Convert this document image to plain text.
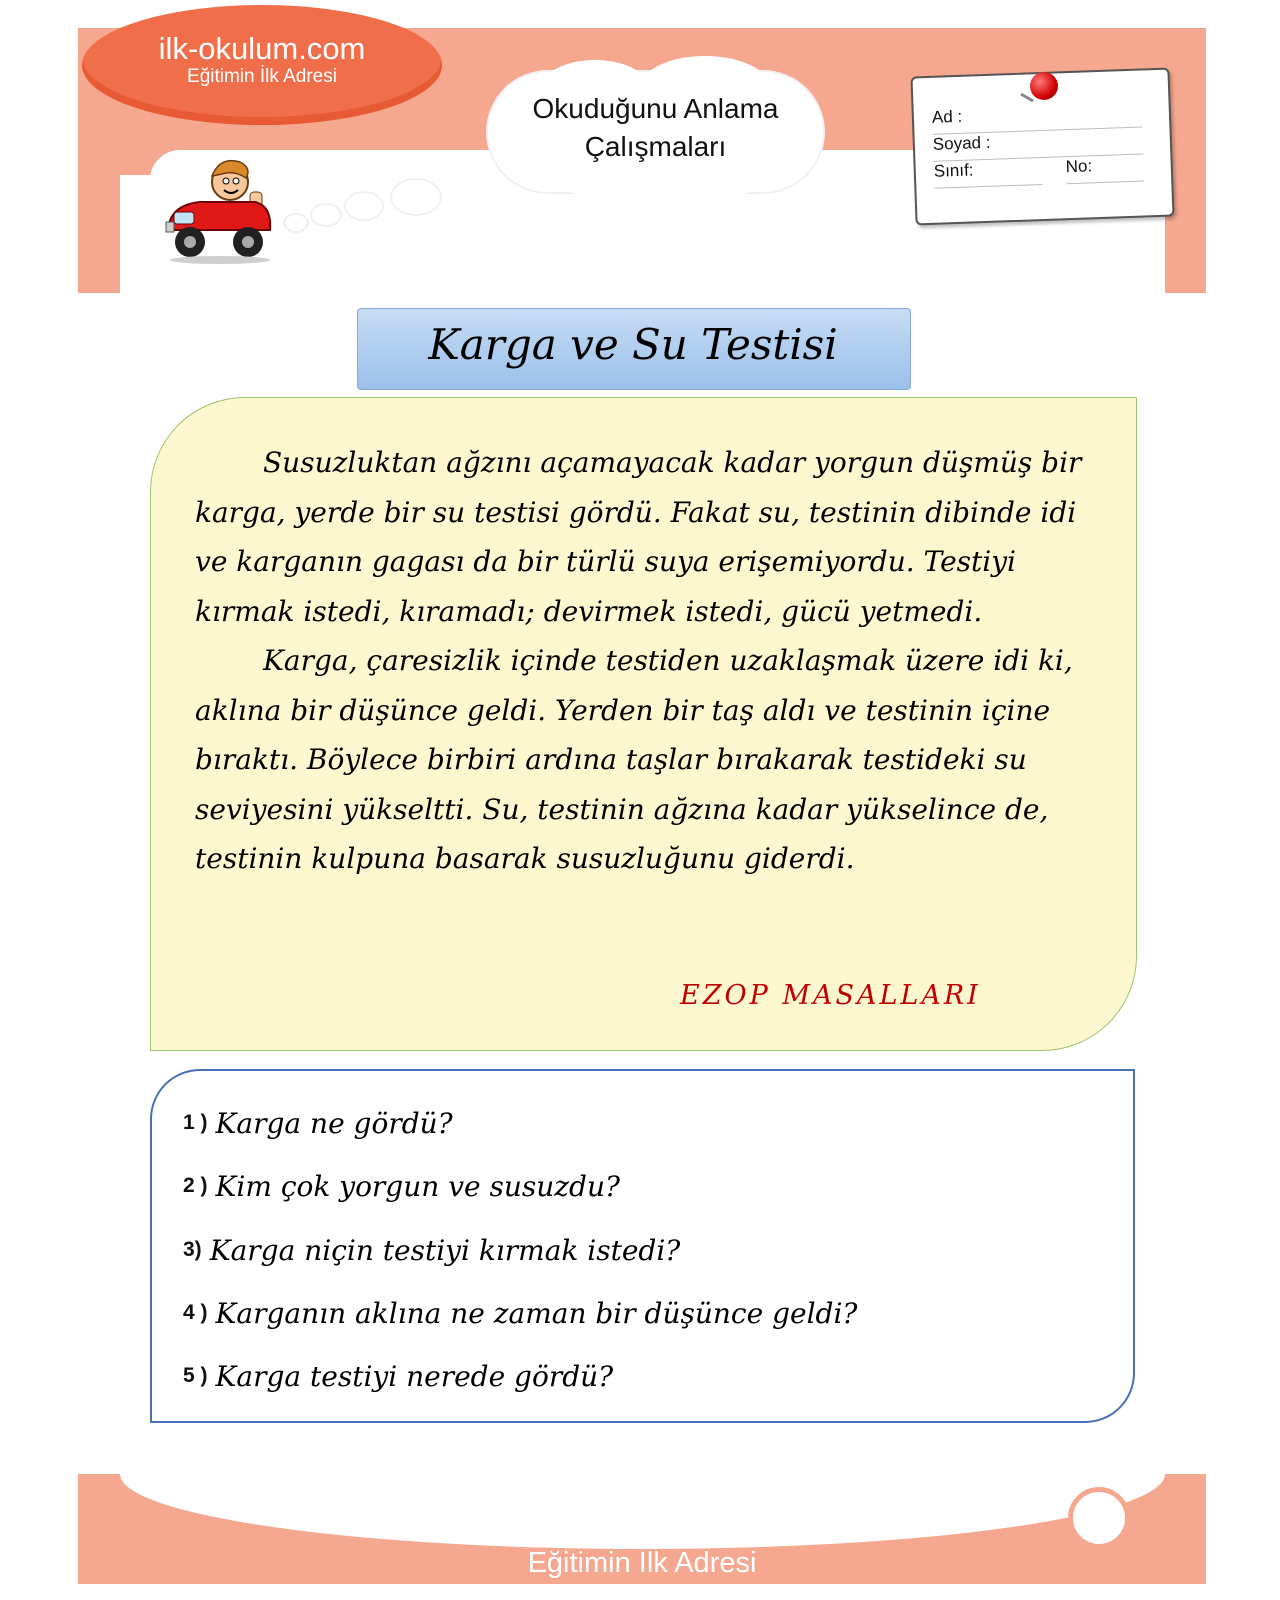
ilk-okulum.com
Eğitimin İlk Adresi
Okuduğunu Anlama
Çalışmaları
Ad :
Soyad :
Sınıf:	No:
Karga ve Su Testisi

Susuzluktan ağzını açamayacak kadar yorgun düşmüş bir karga, yerde bir su testisi gördü. Fakat su, testinin dibinde idi ve karganın gagası da bir türlü suya erişemiyordu. Testiyi kırmak istedi, kıramadı; devirmek istedi, gücü yetmedi.

Karga, çaresizlik içinde testiden uzaklaşmak üzere idi ki, aklına bir düşünce geldi. Yerden bir taş aldı ve testinin içine bıraktı. Böylece birbiri ardına taşlar bırakarak testideki su seviyesini yükseltti. Su, testinin ağzına kadar yükselince de, testinin kulpuna basarak susuzluğunu giderdi.

EZOP MASALLARI
1 ) Karga ne gördü?
2 ) Kim çok yorgun ve susuzdu?
3) Karga niçin testiyi kırmak istedi?
4 ) Karganın aklına ne zaman bir düşünce geldi?
5 ) Karga testiyi nerede gördü?
ilk-okulum.com
Eğitimin İlk Adresi
